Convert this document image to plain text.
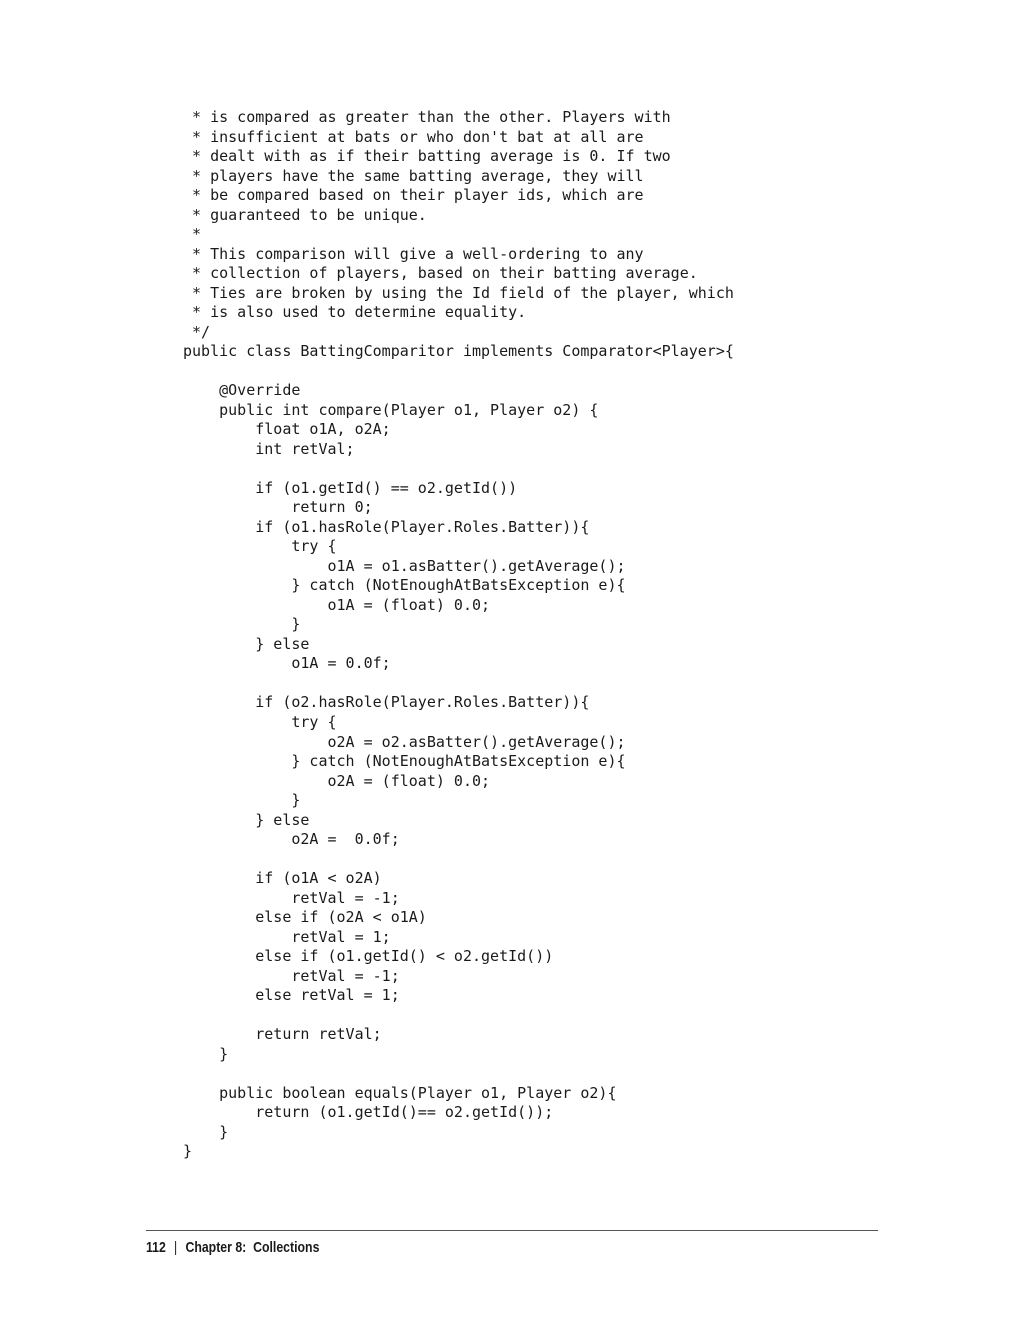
* is compared as greater than the other. Players with
* insufficient at bats or who don't bat at all are
* dealt with as if their batting average is 0. If two
* players have the same batting average, they will
* be compared based on their player ids, which are
* guaranteed to be unique.
*
* This comparison will give a well-ordering to any
* collection of players, based on their batting average.
* Ties are broken by using the Id field of the player, which
* is also used to determine equality.
*/
public class BattingComparitor implements Comparator<Player>{
@Override
public int compare(Player o1, Player o2) {
float o1A, o2A;
int retVal;
if (o1.getId() == o2.getId())
return 0;
if (o1.hasRole(Player.Roles.Batter)){
try {
o1A = o1.asBatter().getAverage();
} catch (NotEnoughAtBatsException e){
o1A = (float) 0.0;
}
} else
o1A = 0.0f;
if (o2.hasRole(Player.Roles.Batter)){
try {
o2A = o2.asBatter().getAverage();
} catch (NotEnoughAtBatsException e){
o2A = (float) 0.0;
}
} else
o2A =  0.0f;
if (o1A < o2A)
retVal = -1;
else if (o2A < o1A)
retVal = 1;
else if (o1.getId() < o2.getId())
retVal = -1;
else retVal = 1;
return retVal;
}
public boolean equals(Player o1, Player o2){
return (o1.getId()== o2.getId());
}
}
112 | Chapter 8:  Collections
